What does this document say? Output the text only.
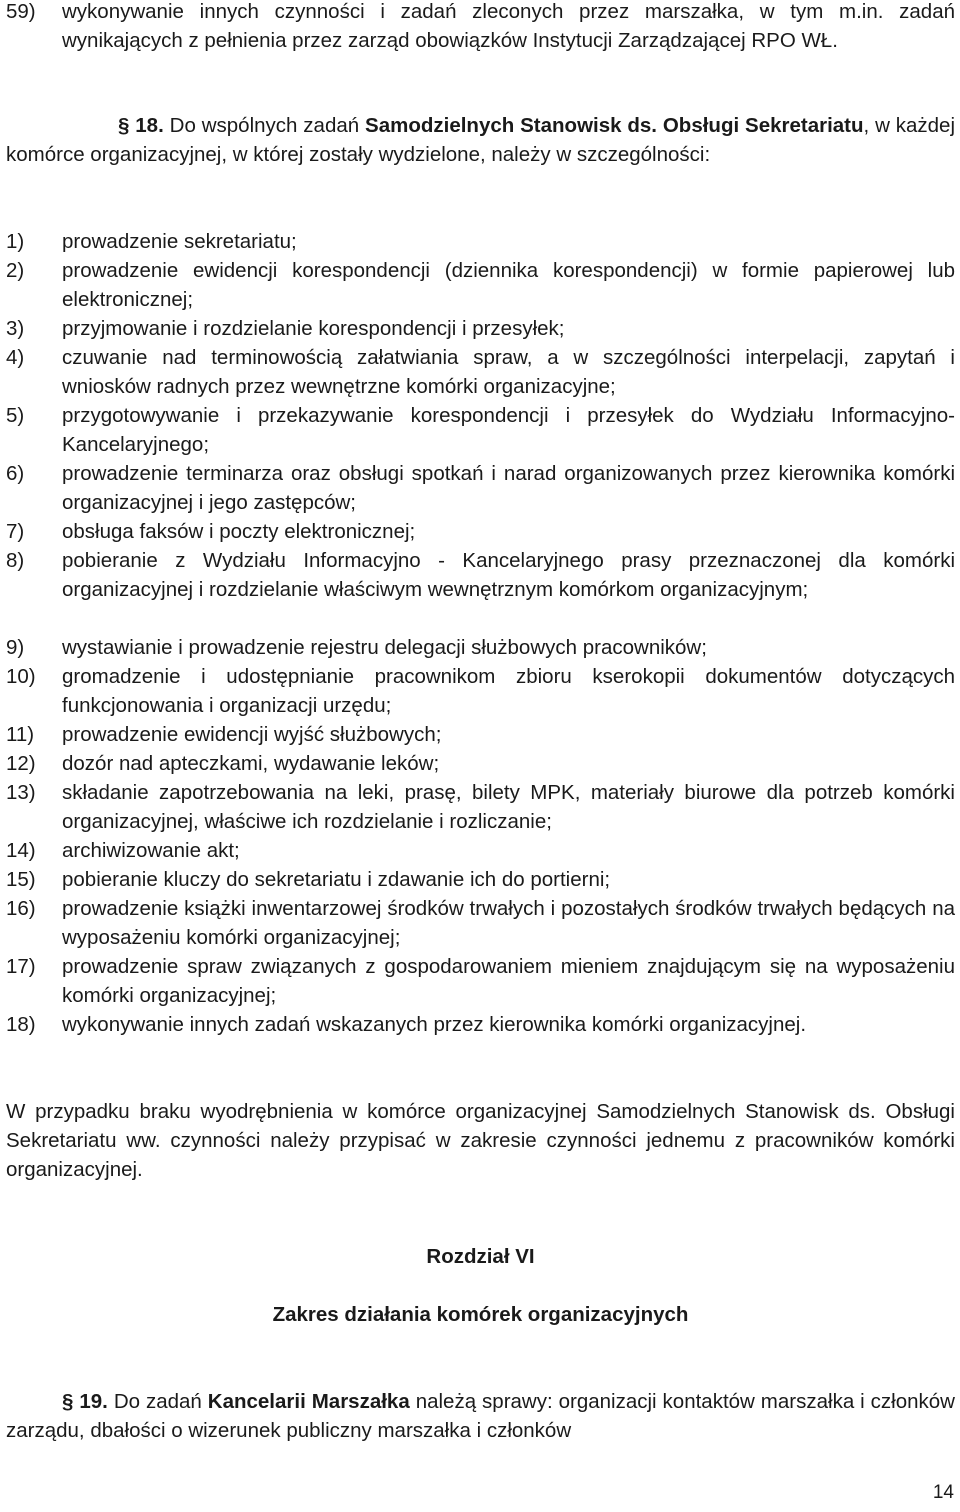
59) wykonywanie innych czynności i zadań zleconych przez marszałka, w tym m.in. zadań wynikających z pełnienia przez zarząd obowiązków Instytucji Zarządzającej RPO WŁ.
§ 18. Do wspólnych zadań Samodzielnych Stanowisk ds. Obsługi Sekretariatu, w każdej komórce organizacyjnej, w której zostały wydzielone, należy w szczególności:
1) prowadzenie sekretariatu;
2) prowadzenie ewidencji korespondencji (dziennika korespondencji) w formie papierowej lub elektronicznej;
3) przyjmowanie i rozdzielanie korespondencji i przesyłek;
4) czuwanie nad terminowością załatwiania spraw, a w szczególności interpelacji, zapytań i wniosków radnych przez wewnętrzne komórki organizacyjne;
5) przygotowywanie i przekazywanie korespondencji i przesyłek do Wydziału Informacyjno-Kancelaryjnego;
6) prowadzenie terminarza oraz obsługi spotkań i narad organizowanych przez kierownika komórki organizacyjnej i jego zastępców;
7) obsługa faksów i poczty elektronicznej;
8) pobieranie z Wydziału Informacyjno - Kancelaryjnego prasy przeznaczonej dla komórki organizacyjnej i rozdzielanie właściwym wewnętrznym komórkom organizacyjnym;
9) wystawianie i prowadzenie rejestru delegacji służbowych pracowników;
10) gromadzenie i udostępnianie pracownikom zbioru kserokopii dokumentów dotyczących funkcjonowania i organizacji urzędu;
11) prowadzenie ewidencji wyjść służbowych;
12) dozór nad apteczkami, wydawanie leków;
13) składanie zapotrzebowania na leki, prasę, bilety MPK, materiały biurowe dla potrzeb komórki organizacyjnej, właściwe ich rozdzielanie i rozliczanie;
14) archiwizowanie akt;
15) pobieranie kluczy do sekretariatu i zdawanie ich do portierni;
16) prowadzenie książki inwentarzowej środków trwałych i pozostałych środków trwałych będących na wyposażeniu komórki organizacyjnej;
17) prowadzenie spraw związanych z gospodarowaniem mieniem znajdującym się na wyposażeniu komórki organizacyjnej;
18) wykonywanie innych zadań wskazanych przez kierownika komórki organizacyjnej.
W przypadku braku wyodrębnienia w komórce organizacyjnej Samodzielnych Stanowisk ds. Obsługi Sekretariatu ww. czynności należy przypisać w zakresie czynności jednemu z pracowników komórki organizacyjnej.
Rozdział VI
Zakres działania komórek organizacyjnych
§ 19. Do zadań Kancelarii Marszałka należą sprawy: organizacji kontaktów marszałka i członków zarządu, dbałości o wizerunek publiczny marszałka i członków
14
